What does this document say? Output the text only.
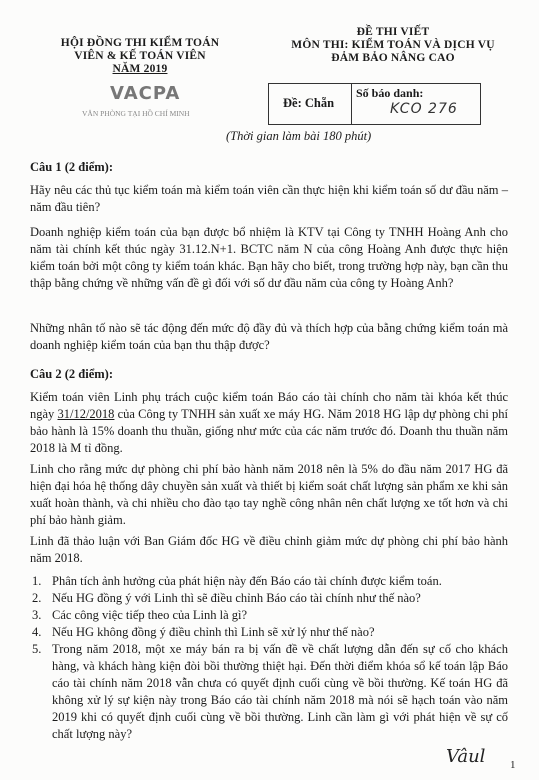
HỘI ĐỒNG THI KIỂM TOÁN
VIÊN & KẾ TOÁN VIÊN
NĂM 2019
VACPA
VĂN PHÒNG TẠI HỒ CHÍ MINH
ĐỀ THI VIẾT
MÔN THI: KIỂM TOÁN VÀ DỊCH VỤ
ĐẢM BẢO NÂNG CAO
Đề: Chẵn
Số báo danh:
KCO 276
(Thời gian làm bài 180 phút)

Câu 1 (2 điểm):

Hãy nêu các thủ tục kiểm toán mà kiểm toán viên cần thực hiện khi kiểm toán số dư đầu năm – năm đầu tiên?

Doanh nghiệp kiểm toán của bạn được bổ nhiệm là KTV tại Công ty TNHH Hoàng Anh cho năm tài chính kết thúc ngày 31.12.N+1. BCTC năm N của công Hoàng Anh được thực hiện kiểm toán bởi một công ty kiểm toán khác. Bạn hãy cho biết, trong trường hợp này, bạn cần thu thập bằng chứng về những vấn đề gì đối với số dư đầu năm của công ty Hoàng Anh?

Những nhân tố nào sẽ tác động đến mức độ đầy đủ và thích hợp của bằng chứng kiểm toán mà doanh nghiệp kiểm toán của bạn thu thập được?

Câu 2 (2 điểm):

Kiểm toán viên Linh phụ trách cuộc kiểm toán Báo cáo tài chính cho năm tài khóa kết thúc ngày 31/12/2018 của Công ty TNHH sản xuất xe máy HG. Năm 2018 HG lập dự phòng chi phí bảo hành là 15% doanh thu thuần, giống như mức của các năm trước đó. Doanh thu thuần năm 2018 là M tỉ đồng.

Linh cho rằng mức dự phòng chi phí bảo hành năm 2018 nên là 5% do đầu năm 2017 HG đã hiện đại hóa hệ thống dây chuyền sản xuất và thiết bị kiểm soát chất lượng sản phẩm xe khi sản xuất hoàn thành, và chi nhiều cho đào tạo tay nghề công nhân nên chất lượng xe tốt hơn và chi phí bảo hành giảm.

Linh đã thảo luận với Ban Giám đốc HG về điều chỉnh giảm mức dự phòng chi phí bảo hành năm 2018.

1. Phân tích ảnh hưởng của phát hiện này đến Báo cáo tài chính được kiểm toán.
2. Nếu HG đồng ý với Linh thì sẽ điều chỉnh Báo cáo tài chính như thế nào?
3. Các công việc tiếp theo của Linh là gì?
4. Nếu HG không đồng ý điều chỉnh thì Linh sẽ xử lý như thế nào?
5. Trong năm 2018, một xe máy bán ra bị vấn đề về chất lượng dẫn đến sự cố cho khách hàng, và khách hàng kiện đòi bồi thường thiệt hại. Đến thời điểm khóa sổ kế toán lập Báo cáo tài chính năm 2018 vẫn chưa có quyết định cuối cùng về bồi thường. Kế toán HG đã không xử lý sự kiện này trong Báo cáo tài chính năm 2018 mà nói sẽ hạch toán vào năm 2019 khi có quyết định cuối cùng về bồi thường. Linh cần làm gì với phát hiện về sự cố chất lượng này?
Vâul 1
